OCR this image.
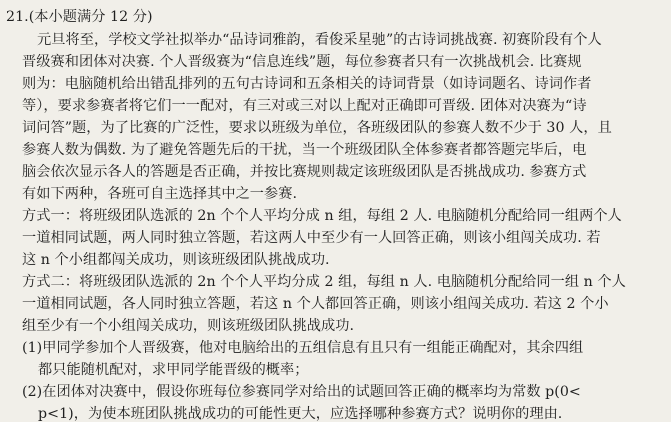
21.(本小题满分 12 分)
元旦将至，学校文学社拟举办“品诗词雅韵，看俊采星驰”的古诗词挑战赛. 初赛阶段有个人
晋级赛和团体对决赛. 个人晋级赛为“信息连线”题，每位参赛者只有一次挑战机会. 比赛规
则为：电脑随机给出错乱排列的五句古诗词和五条相关的诗词背景（如诗词题名、诗词作者
等），要求参赛者将它们一一配对，有三对或三对以上配对正确即可晋级. 团体对决赛为“诗
词问答”题，为了比赛的广泛性，要求以班级为单位，各班级团队的参赛人数不少于 30 人，且
参赛人数为偶数. 为了避免答题先后的干扰，当一个班级团队全体参赛者都答题完毕后，电
脑会依次显示各人的答题是否正确，并按比赛规则裁定该班级团队是否挑战成功. 参赛方式
有如下两种，各班可自主选择其中之一参赛.
方式一：将班级团队选派的 2n 个个人平均分成 n 组，每组 2 人. 电脑随机分配给同一组两个人
一道相同试题，两人同时独立答题，若这两人中至少有一人回答正确，则该小组闯关成功. 若
这 n 个小组都闯关成功，则该班级团队挑战成功.
方式二：将班级团队选派的 2n 个个人平均分成 2 组，每组 n 人. 电脑随机分配给同一组 n 个人
一道相同试题，各人同时独立答题，若这 n 个人都回答正确，则该小组闯关成功. 若这 2 个小
组至少有一个小组闯关成功，则该班级团队挑战成功.
(1)甲同学参加个人晋级赛，他对电脑给出的五组信息有且只有一组能正确配对，其余四组
都只能随机配对，求甲同学能晋级的概率；
(2)在团体对决赛中，假设你班每位参赛同学对给出的试题回答正确的概率均为常数 p(0<
p<1)，为使本班团队挑战成功的可能性更大，应选择哪种参赛方式？说明你的理由.
